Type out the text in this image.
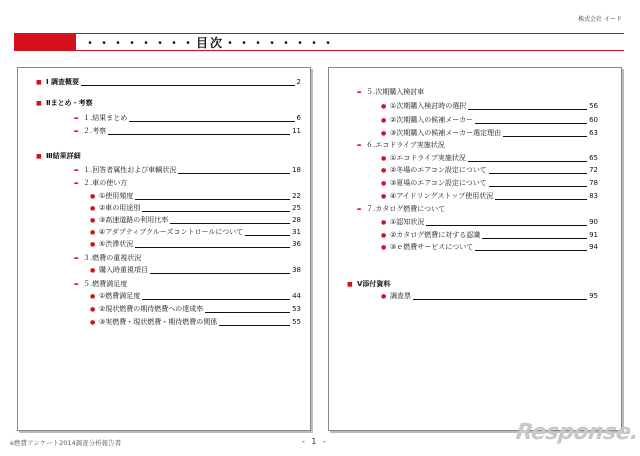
株式会社 イード
・・・・・・・・目次・・・・・・・・
■ Ⅰ 調査概要	2
■ Ⅱまとめ・考察
➨ １.結果まとめ	6
➨ ２.考察	11
■ Ⅲ結果詳細
➨ １.回答者属性および車輌状況	18
➨ ２.車の使い方
● ①使用頻度	22
● ②車の用途別	25
● ③高速道路の利用比率	28
● ④アダプティブクルーズコントロールについて	31
● ⑤渋滞状況	36
➨ ３.燃費の重視状況
● 購入時重視項目	38
➨ ５.燃費満足度
● ①燃費満足度	44
● ②現状燃費の期待燃費への達成率	53
● ③実燃費・現状燃費・期待燃費の関係	55
➨ ５.次期購入検討車
● ①次期購入検討時の選択	56
● ②次期購入の候補メーカー	60
● ③次期購入の候補メーカー選定理由	63
➨ ６.エコドライブ実施状況
● ①エコドライブ実施状況	65
● ②冬場のエアコン設定について	72
● ③夏場のエアコン設定について	78
● ④アイドリングストップ使用状況	83
➨ ７.カタログ燃費について
● ①認知状況	90
● ②カタログ燃費に対する認識	91
● ③ｅ燃費サービスについて	94
■ Ⅴ添付資料
● 調査票	95
e燃費アンケート2014調査分析報告書	- 1 -	Response.
